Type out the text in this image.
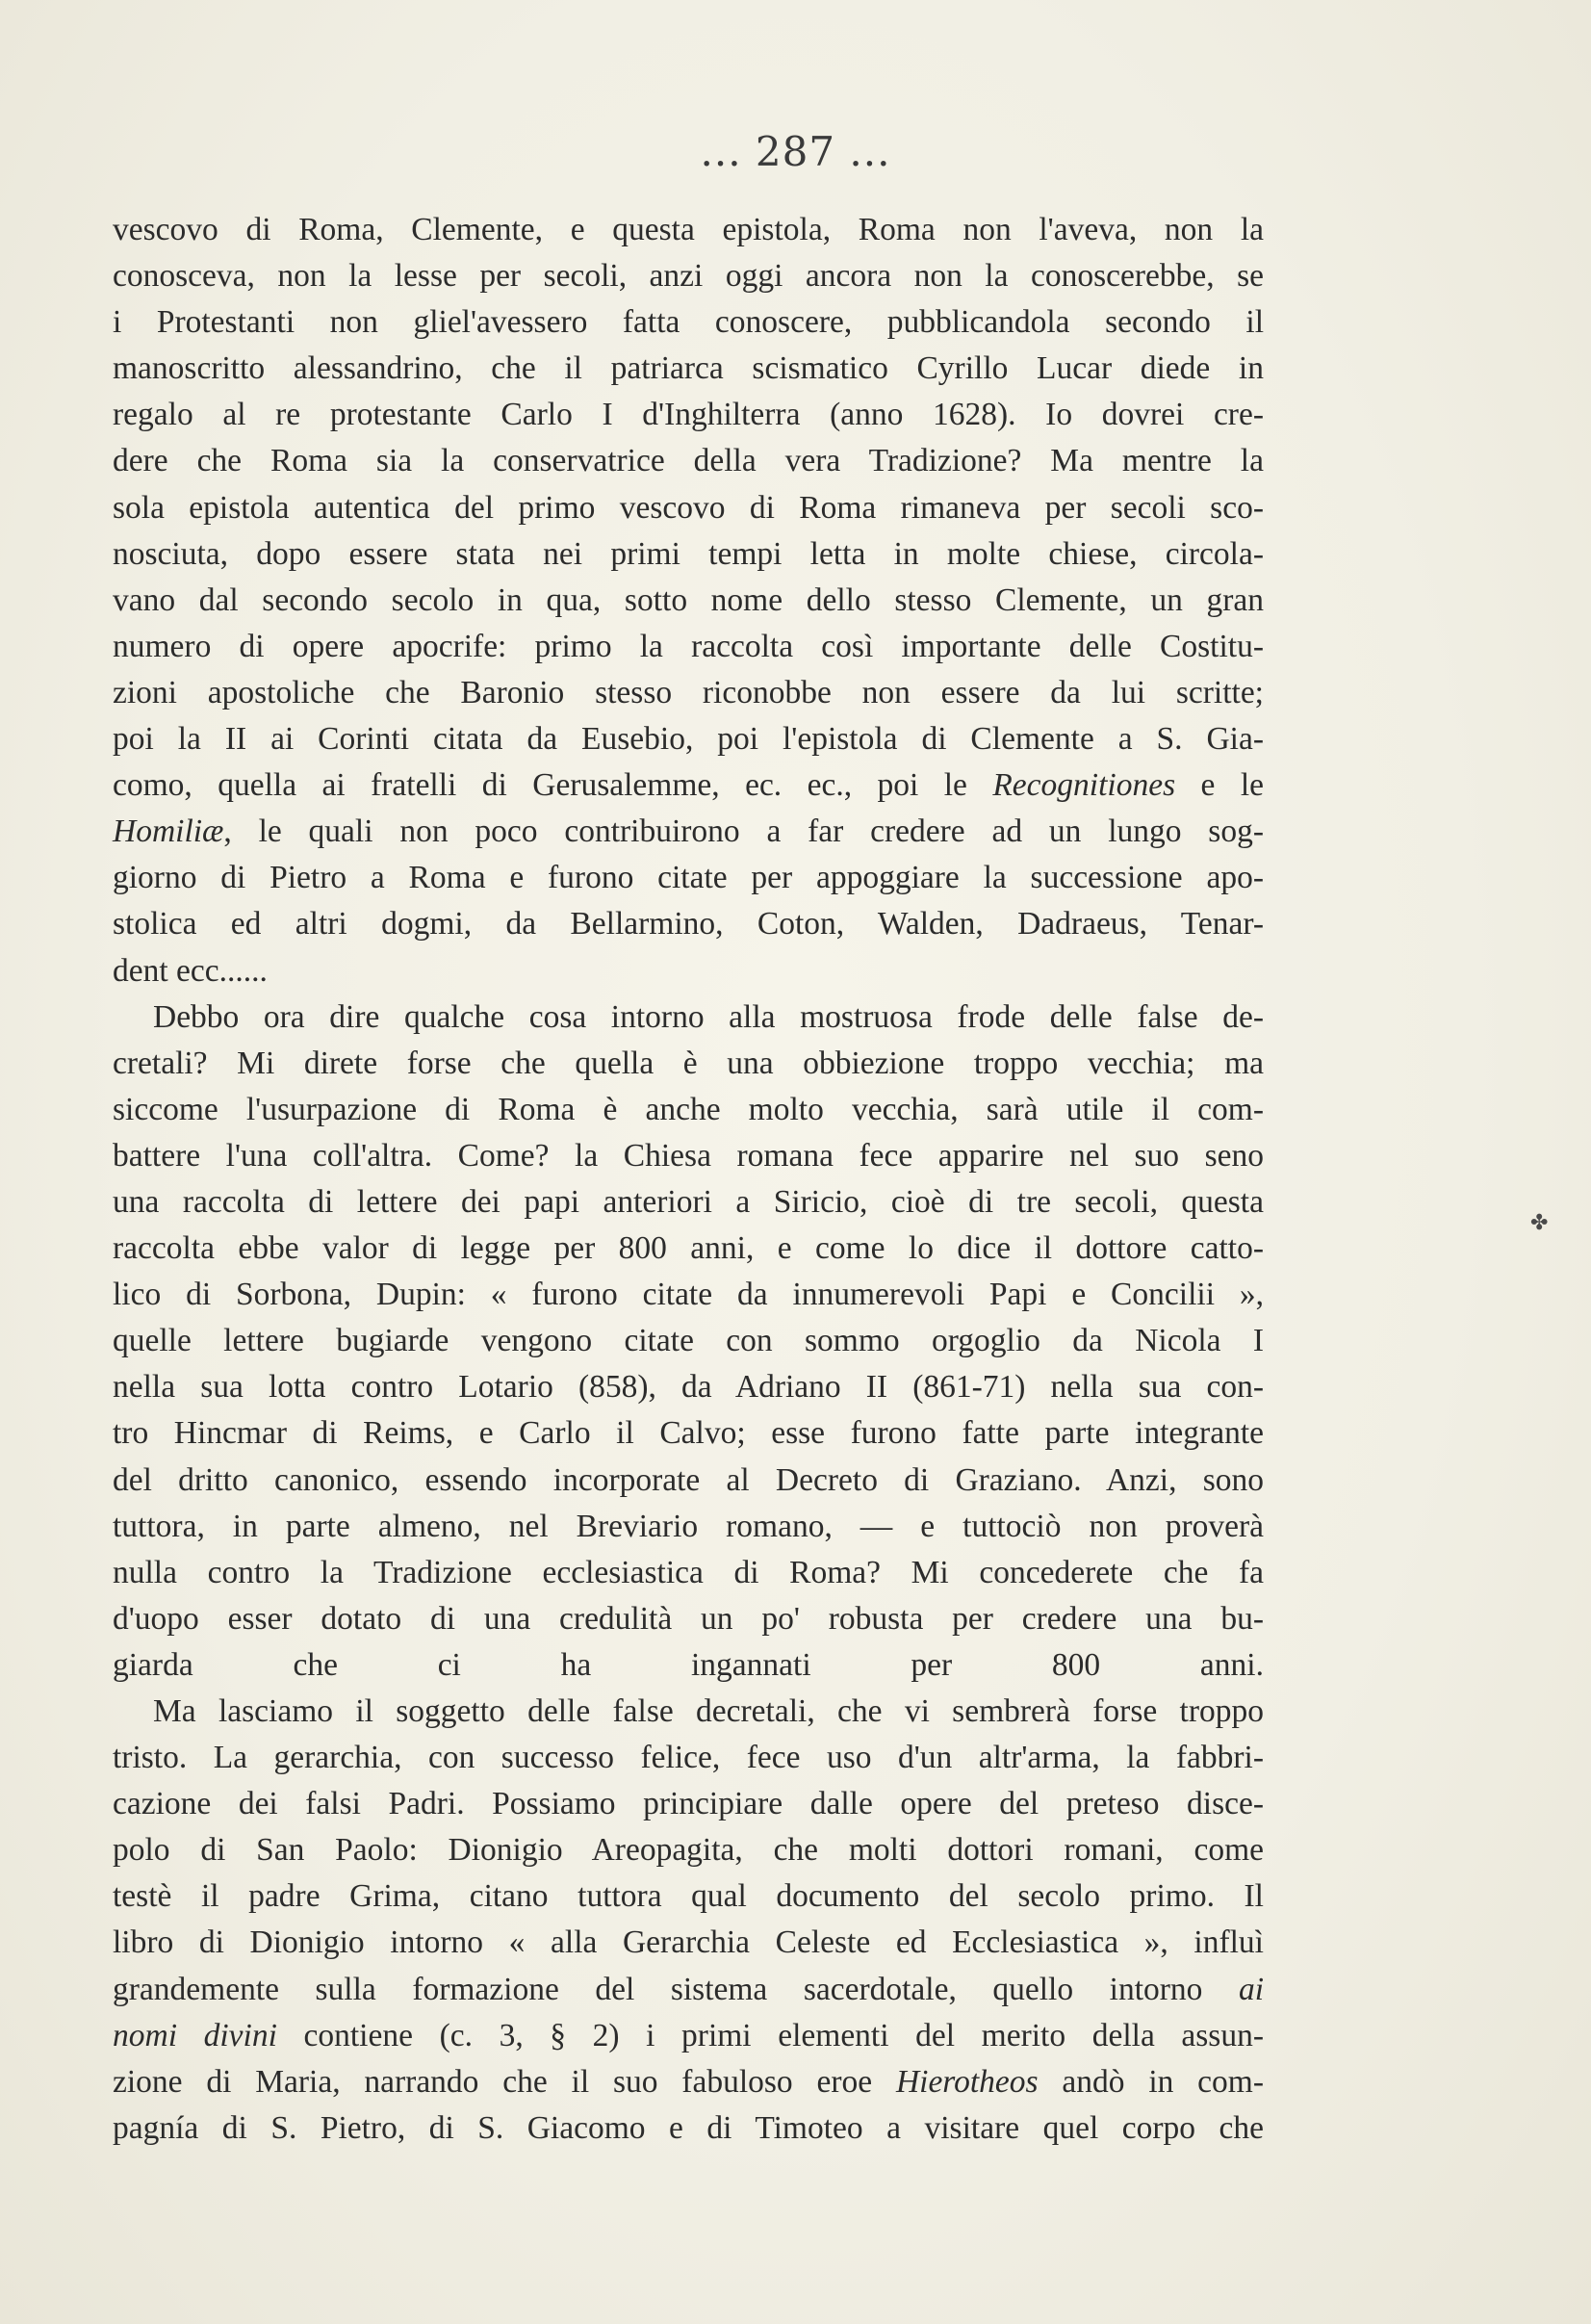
... 287 ...
vescovo di Roma, Clemente, e questa epistola, Roma non l'aveva, non la
conosceva, non la lesse per secoli, anzi oggi ancora non la conoscerebbe, se
i Protestanti non gliel'avessero fatta conoscere, pubblicandola secondo il
manoscritto alessandrino, che il patriarca scismatico Cyrillo Lucar diede in
regalo al re protestante Carlo I d'Inghilterra (anno 1628). Io dovrei cre-
dere che Roma sia la conservatrice della vera Tradizione? Ma mentre la
sola epistola autentica del primo vescovo di Roma rimaneva per secoli sco-
nosciuta, dopo essere stata nei primi tempi letta in molte chiese, circola-
vano dal secondo secolo in qua, sotto nome dello stesso Clemente, un gran
numero di opere apocrife: primo la raccolta così importante delle Costitu-
zioni apostoliche che Baronio stesso riconobbe non essere da lui scritte;
poi la II ai Corinti citata da Eusebio, poi l'epistola di Clemente a S. Gia-
como, quella ai fratelli di Gerusalemme, ec. ec., poi le Recognitiones e le
Homiliæ, le quali non poco contribuirono a far credere ad un lungo sog-
giorno di Pietro a Roma e furono citate per appoggiare la successione apo-
stolica ed altri dogmi, da Bellarmino, Coton, Walden, Dadraeus, Tenar-
dent ecc......
Debbo ora dire qualche cosa intorno alla mostruosa frode delle false de-
cretali? Mi direte forse che quella è una obbiezione troppo vecchia; ma
siccome l'usurpazione di Roma è anche molto vecchia, sarà utile il com-
battere l'una coll'altra. Come? la Chiesa romana fece apparire nel suo seno
una raccolta di lettere dei papi anteriori a Siricio, cioè di tre secoli, questa
raccolta ebbe valor di legge per 800 anni, e come lo dice il dottore catto-
lico di Sorbona, Dupin: « furono citate da innumerevoli Papi e Concilii »,
quelle lettere bugiarde vengono citate con sommo orgoglio da Nicola I
nella sua lotta contro Lotario (858), da Adriano II (861-71) nella sua con-
tro Hincmar di Reims, e Carlo il Calvo; esse furono fatte parte integrante
del dritto canonico, essendo incorporate al Decreto di Graziano. Anzi, sono
tuttora, in parte almeno, nel Breviario romano, — e tuttociò non proverà
nulla contro la Tradizione ecclesiastica di Roma? Mi concederete che fa
d'uopo esser dotato di una credulità un po' robusta per credere una bu-
giarda che ci ha ingannati per 800 anni.
Ma lasciamo il soggetto delle false decretali, che vi sembrerà forse troppo
tristo. La gerarchia, con successo felice, fece uso d'un altr'arma, la fabbri-
cazione dei falsi Padri. Possiamo principiare dalle opere del preteso disce-
polo di San Paolo: Dionigio Areopagita, che molti dottori romani, come
testè il padre Grima, citano tuttora qual documento del secolo primo. Il
libro di Dionigio intorno « alla Gerarchia Celeste ed Ecclesiastica », influì
grandemente sulla formazione del sistema sacerdotale, quello intorno ai
nomi divini contiene (c. 3, § 2) i primi elementi del merito della assun-
zione di Maria, narrando che il suo fabuloso eroe Hierotheos andò in com-
pagnía di S. Pietro, di S. Giacomo e di Timoteo a visitare quel corpo che
✤
